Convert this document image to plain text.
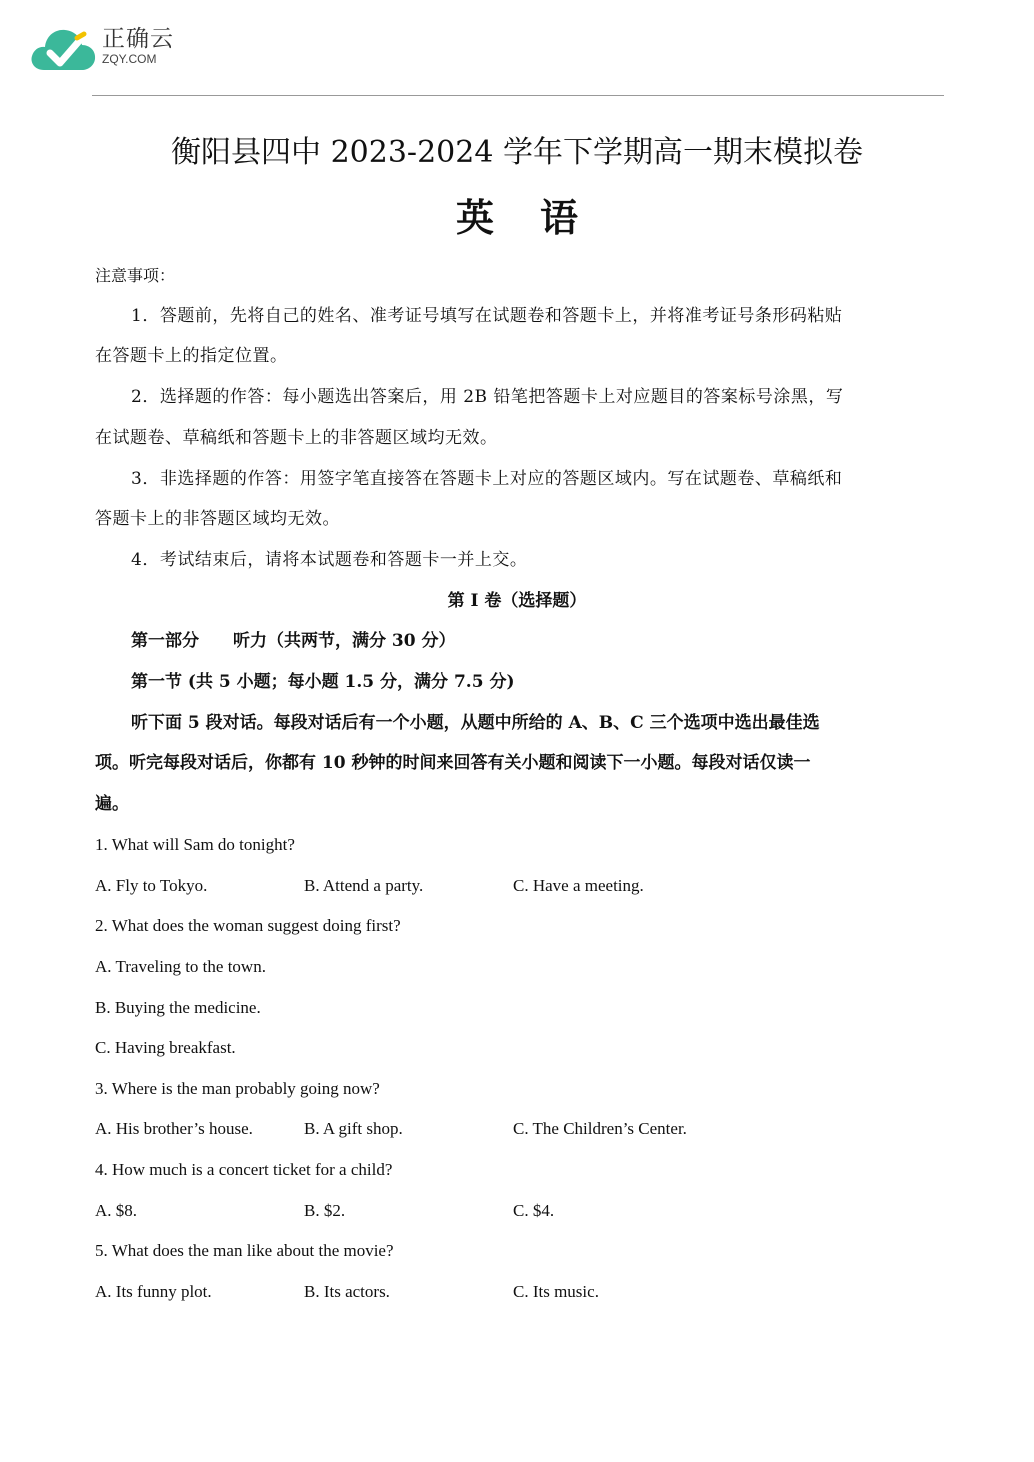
正确云
ZQY.COM
衡阳县四中 2023-2024 学年下学期高一期末模拟卷
英语
注意事项：
1．答题前，先将自己的姓名、准考证号填写在试题卷和答题卡上，并将准考证号条形码粘贴
在答题卡上的指定位置。
2．选择题的作答：每小题选出答案后，用 2B 铅笔把答题卡上对应题目的答案标号涂黑，写
在试题卷、草稿纸和答题卡上的非答题区域均无效。
3．非选择题的作答：用签字笔直接答在答题卡上对应的答题区域内。写在试题卷、草稿纸和
答题卡上的非答题区域均无效。
4．考试结束后，请将本试题卷和答题卡一并上交。
第 I 卷（选择题）
第一部分　　听力（共两节，满分 30 分）
第一节 (共 5 小题；每小题 1.5 分，满分 7.5 分)
听下面 5 段对话。每段对话后有一个小题，从题中所给的 A、B、C 三个选项中选出最佳选
项。听完每段对话后，你都有 10 秒钟的时间来回答有关小题和阅读下一小题。每段对话仅读一
遍。
1. What will Sam do tonight?
A. Fly to Tokyo.	B. Attend a party.	C. Have a meeting.
2. What does the woman suggest doing first?
A. Traveling to the town.
B. Buying the medicine.
C. Having breakfast.
3. Where is the man probably going now?
A. His brother’s house.	B. A gift shop.	C. The Children’s Center.
4. How much is a concert ticket for a child?
A. $8.	B. $2.	C. $4.
5. What does the man like about the movie?
A. Its funny plot.	B. Its actors.	C. Its music.
